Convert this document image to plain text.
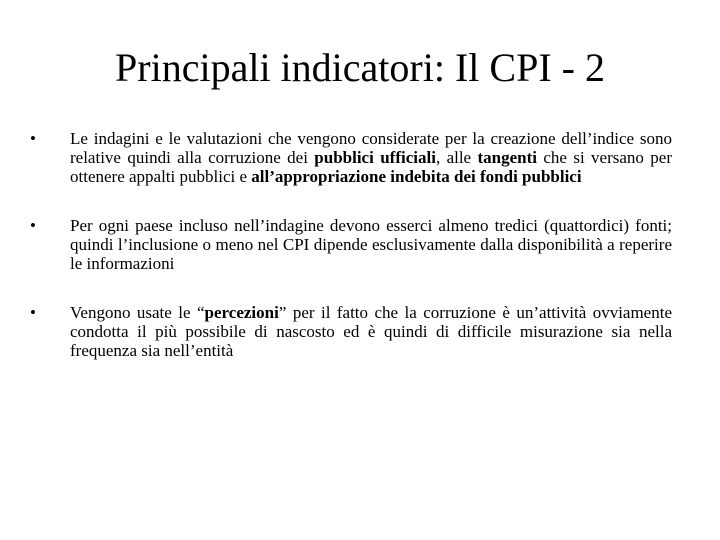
Principali indicatori: Il CPI - 2
• Le indagini e le valutazioni che vengono considerate per la creazione dell’indice sono relative quindi alla corruzione dei pubblici ufficiali, alle tangenti che si versano per ottenere appalti pubblici e all’appropriazione indebita dei fondi pubblici
• Per ogni paese incluso nell’indagine devono esserci almeno tredici (quattordici) fonti; quindi l’inclusione o meno nel CPI dipende esclusivamente dalla disponibilità a reperire le informazioni
• Vengono usate le “percezioni” per il fatto che la corruzione è un’attività ovviamente condotta il più possibile di nascosto ed è quindi di difficile misurazione sia nella frequenza sia nell’entità
